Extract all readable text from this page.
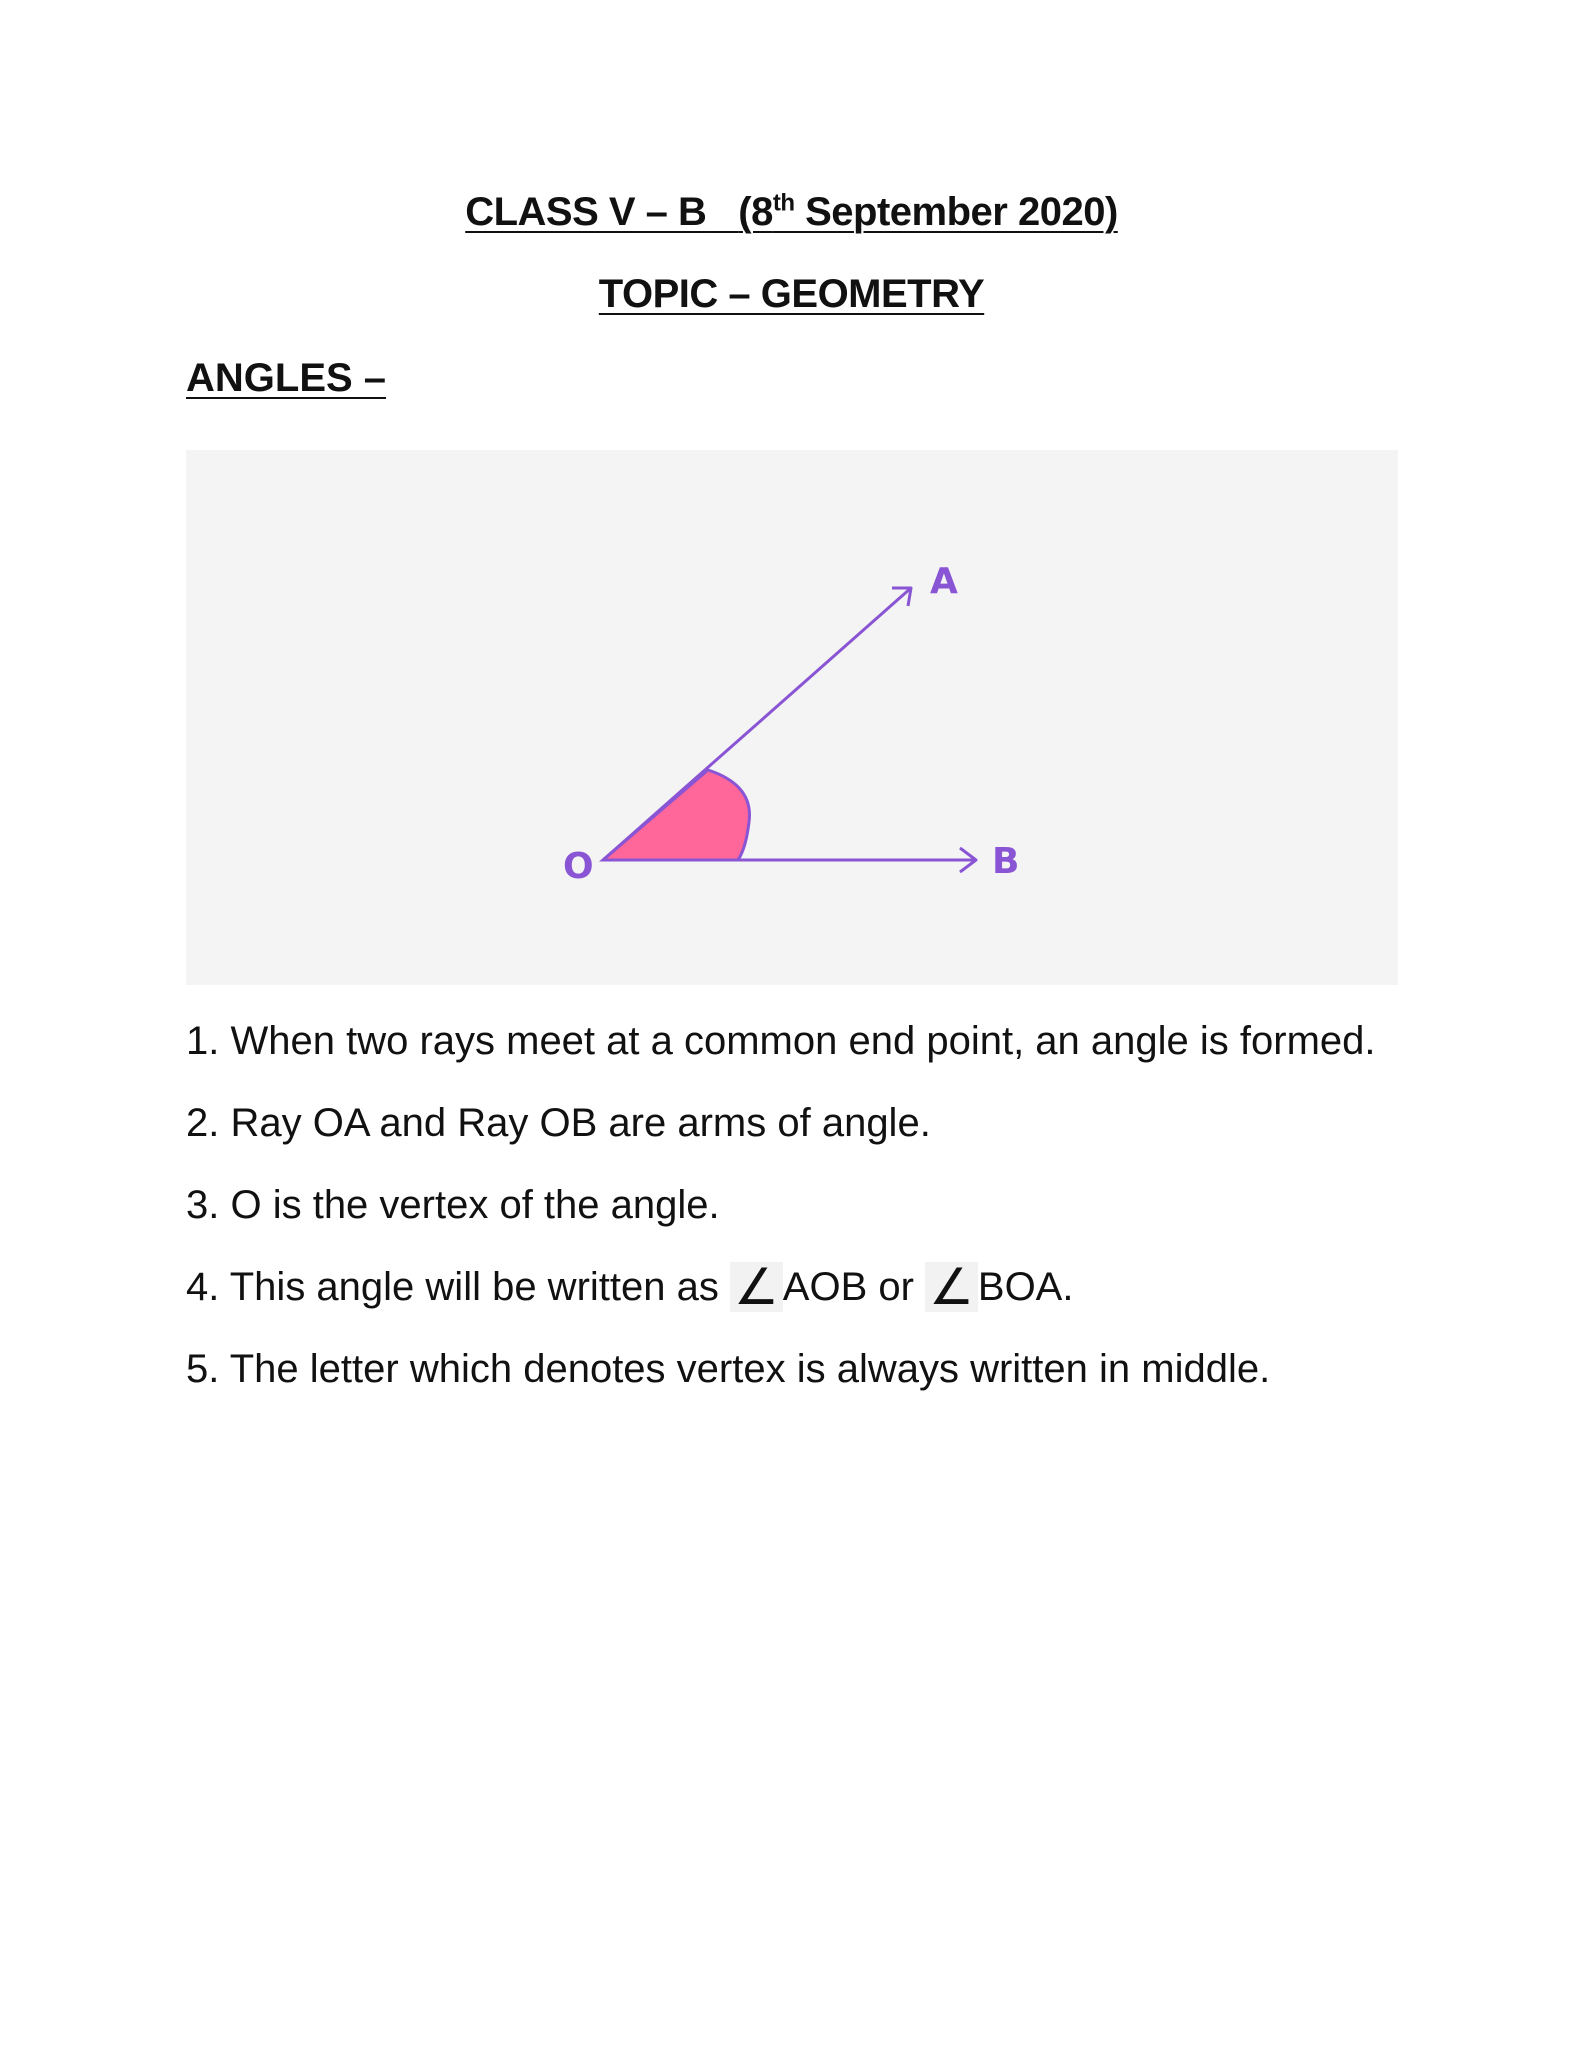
CLASS V – B (8th September 2020)
TOPIC – GEOMETRY
ANGLES –
O
A
B
1. When two rays meet at a common end point, an angle is formed.
2. Ray OA and Ray OB are arms of angle.
3. O is the vertex of the angle.
4. This angle will be written as ∠ AOB or ∠ BOA.
5. The letter which denotes vertex is always written in middle.
